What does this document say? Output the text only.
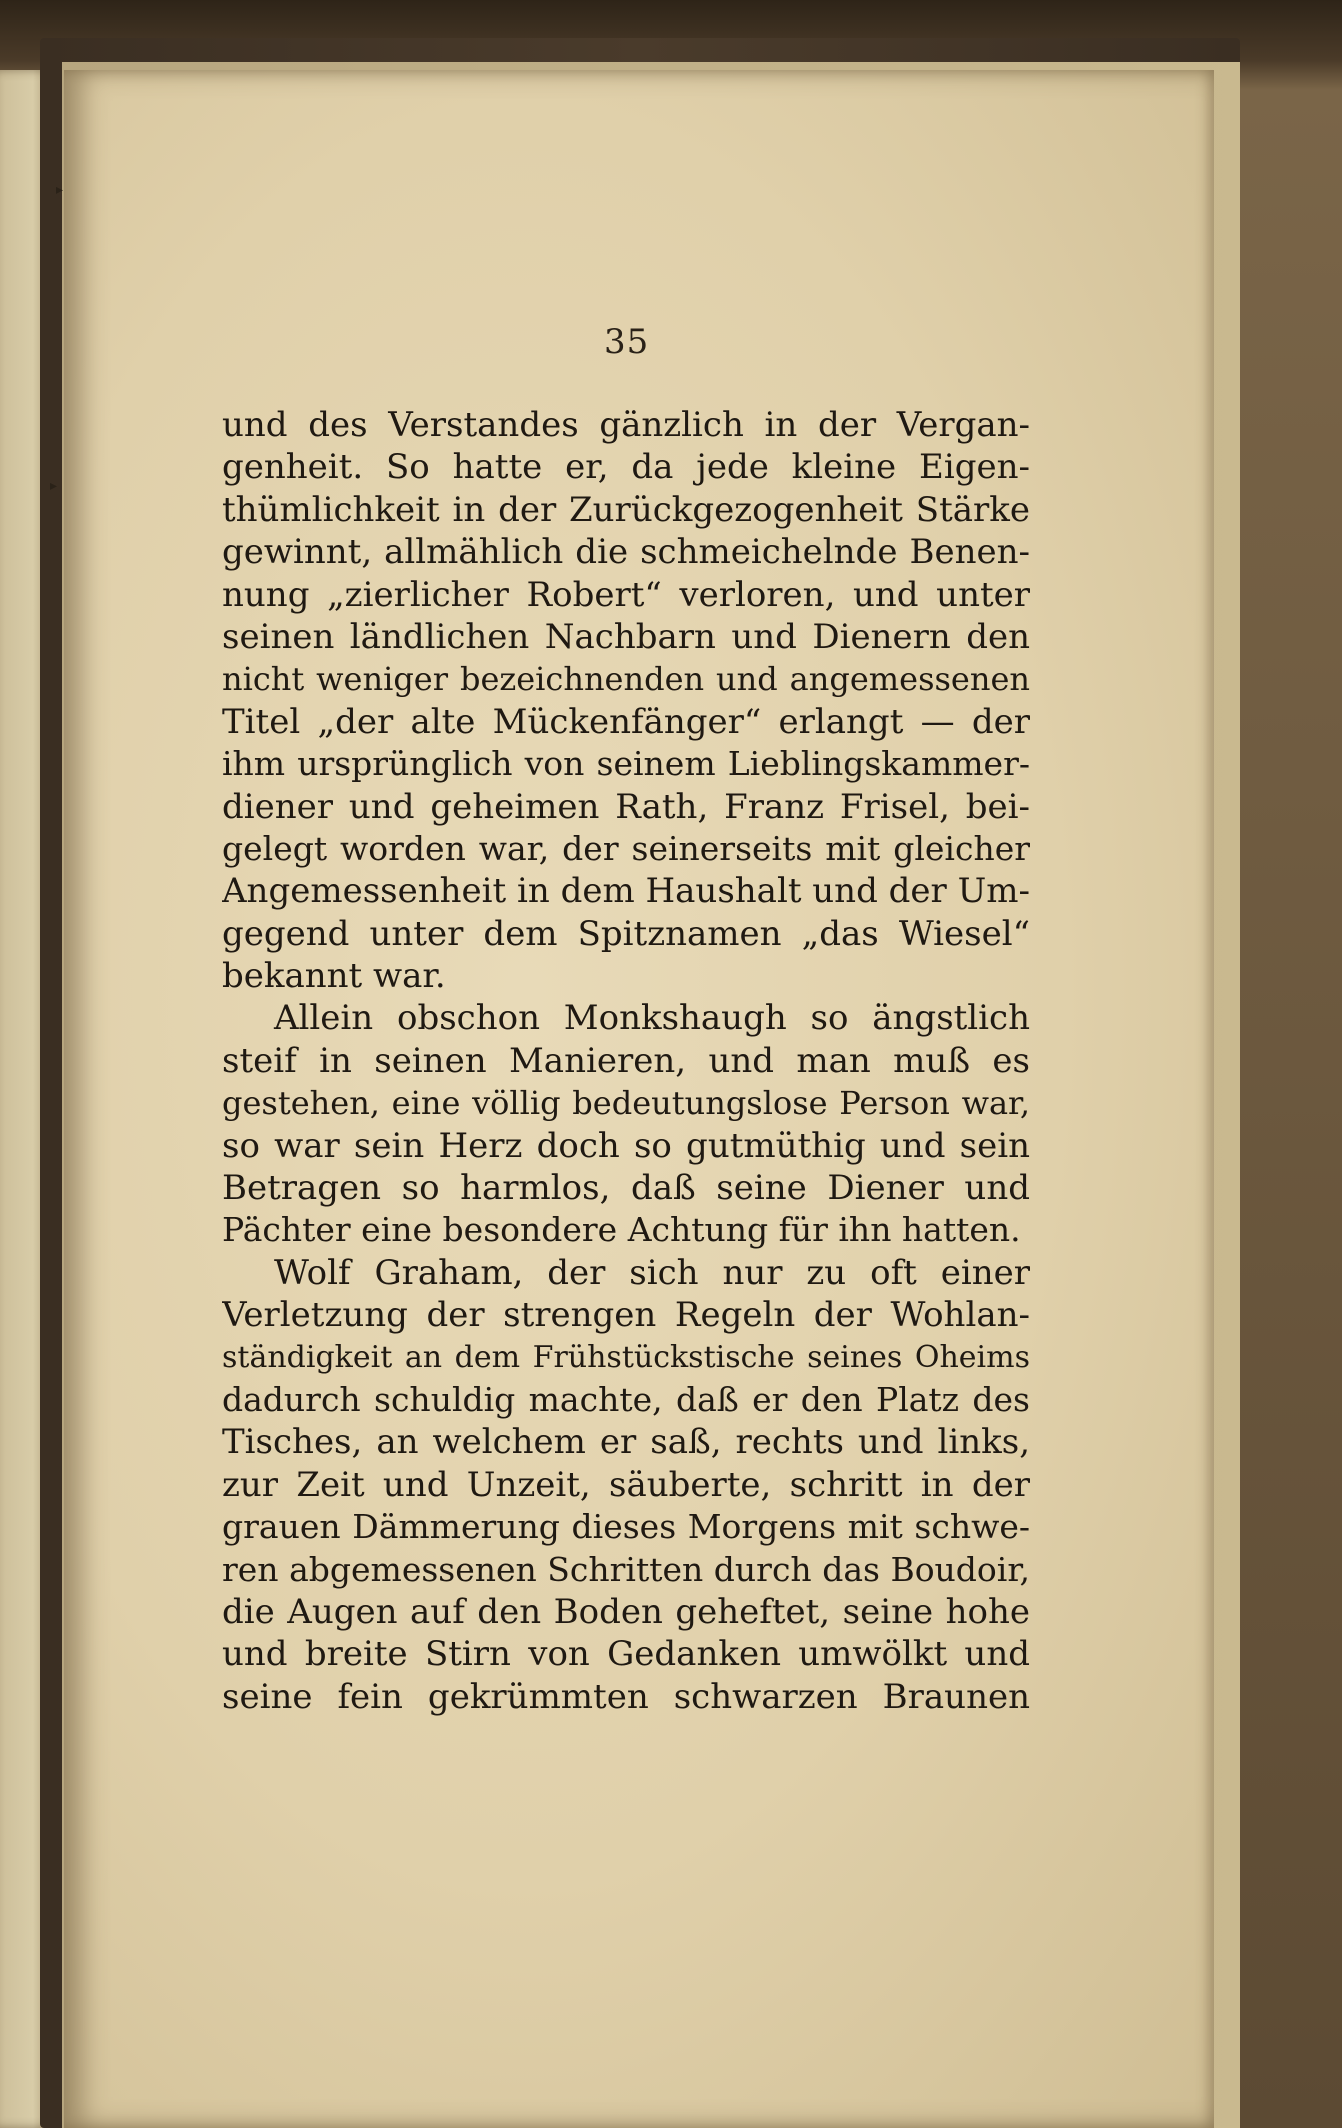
▸
▸
35
und des Verstandes gänzlich in der Vergan-
genheit. So hatte er, da jede kleine Eigen-
thümlichkeit in der Zurückgezogenheit Stärke
gewinnt, allmählich die schmeichelnde Benen-
nung „zierlicher Robert“ verloren, und unter
seinen ländlichen Nachbarn und Dienern den
nicht weniger bezeichnenden und angemessenen
Titel „der alte Mückenfänger“ erlangt — der
ihm ursprünglich von seinem Lieblingskammer-
diener und geheimen Rath, Franz Frisel, bei-
gelegt worden war, der seinerseits mit gleicher
Angemessenheit in dem Haushalt und der Um-
gegend unter dem Spitznamen „das Wiesel“
bekannt war.
Allein obschon Monkshaugh so ängstlich
steif in seinen Manieren, und man muß es
gestehen, eine völlig bedeutungslose Person war,
so war sein Herz doch so gutmüthig und sein
Betragen so harmlos, daß seine Diener und
Pächter eine besondere Achtung für ihn hatten.
Wolf Graham, der sich nur zu oft einer
Verletzung der strengen Regeln der Wohlan-
ständigkeit an dem Frühstückstische seines Oheims
dadurch schuldig machte, daß er den Platz des
Tisches, an welchem er saß, rechts und links,
zur Zeit und Unzeit, säuberte, schritt in der
grauen Dämmerung dieses Morgens mit schwe-
ren abgemessenen Schritten durch das Boudoir,
die Augen auf den Boden geheftet, seine hohe
und breite Stirn von Gedanken umwölkt und
seine fein gekrümmten schwarzen Braunen
